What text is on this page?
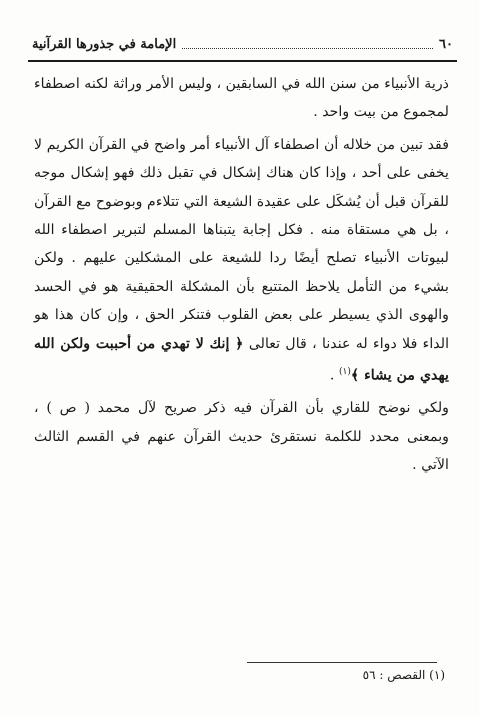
٦٠
الإمامة في جذورها القرآنية

ذرية الأنبياء من سنن الله في السابقين ، وليس الأمر وراثة لكنه اصطفاء لمجموع من بيت واحد .

فقد تبين من خلاله أن اصطفاء آل الأنبياء أمر واضح في القرآن الكريم لا يخفى على أحد ، وإذا كان هناك إشكال في تقبل ذلك فهو إشكال موجه للقرآن قبل أن يُشكَل على عقيدة الشيعة التي تتلاءم وبوضوح مع القرآن ، بل هي مستقاة منه . فكل إجابة يتبناها المسلم لتبرير اصطفاء الله لبيوتات الأنبياء تصلح أيضًا ردا للشيعة على المشكلين عليهم . ولكن بشيء من التأمل يلاحظ المتتبع بأن المشكلة الحقيقية هو في الحسد والهوى الذي يسيطر على بعض القلوب فتنكر الحق ، وإن كان هذا هو الداء فلا دواء له عندنا ، قال تعالى ﴿ إنك لا تهدي من أحببت ولكن الله يهدي من يشاء ﴾$^{(١)}$ .

ولكي نوضح للقاري بأن القرآن فيه ذكر صريح لآل محمد ( ص ) ، وبمعنى محدد للكلمة نستقرئ حديث القرآن عنهم في القسم الثالث الآتي .

(١) القصص : ٥٦
